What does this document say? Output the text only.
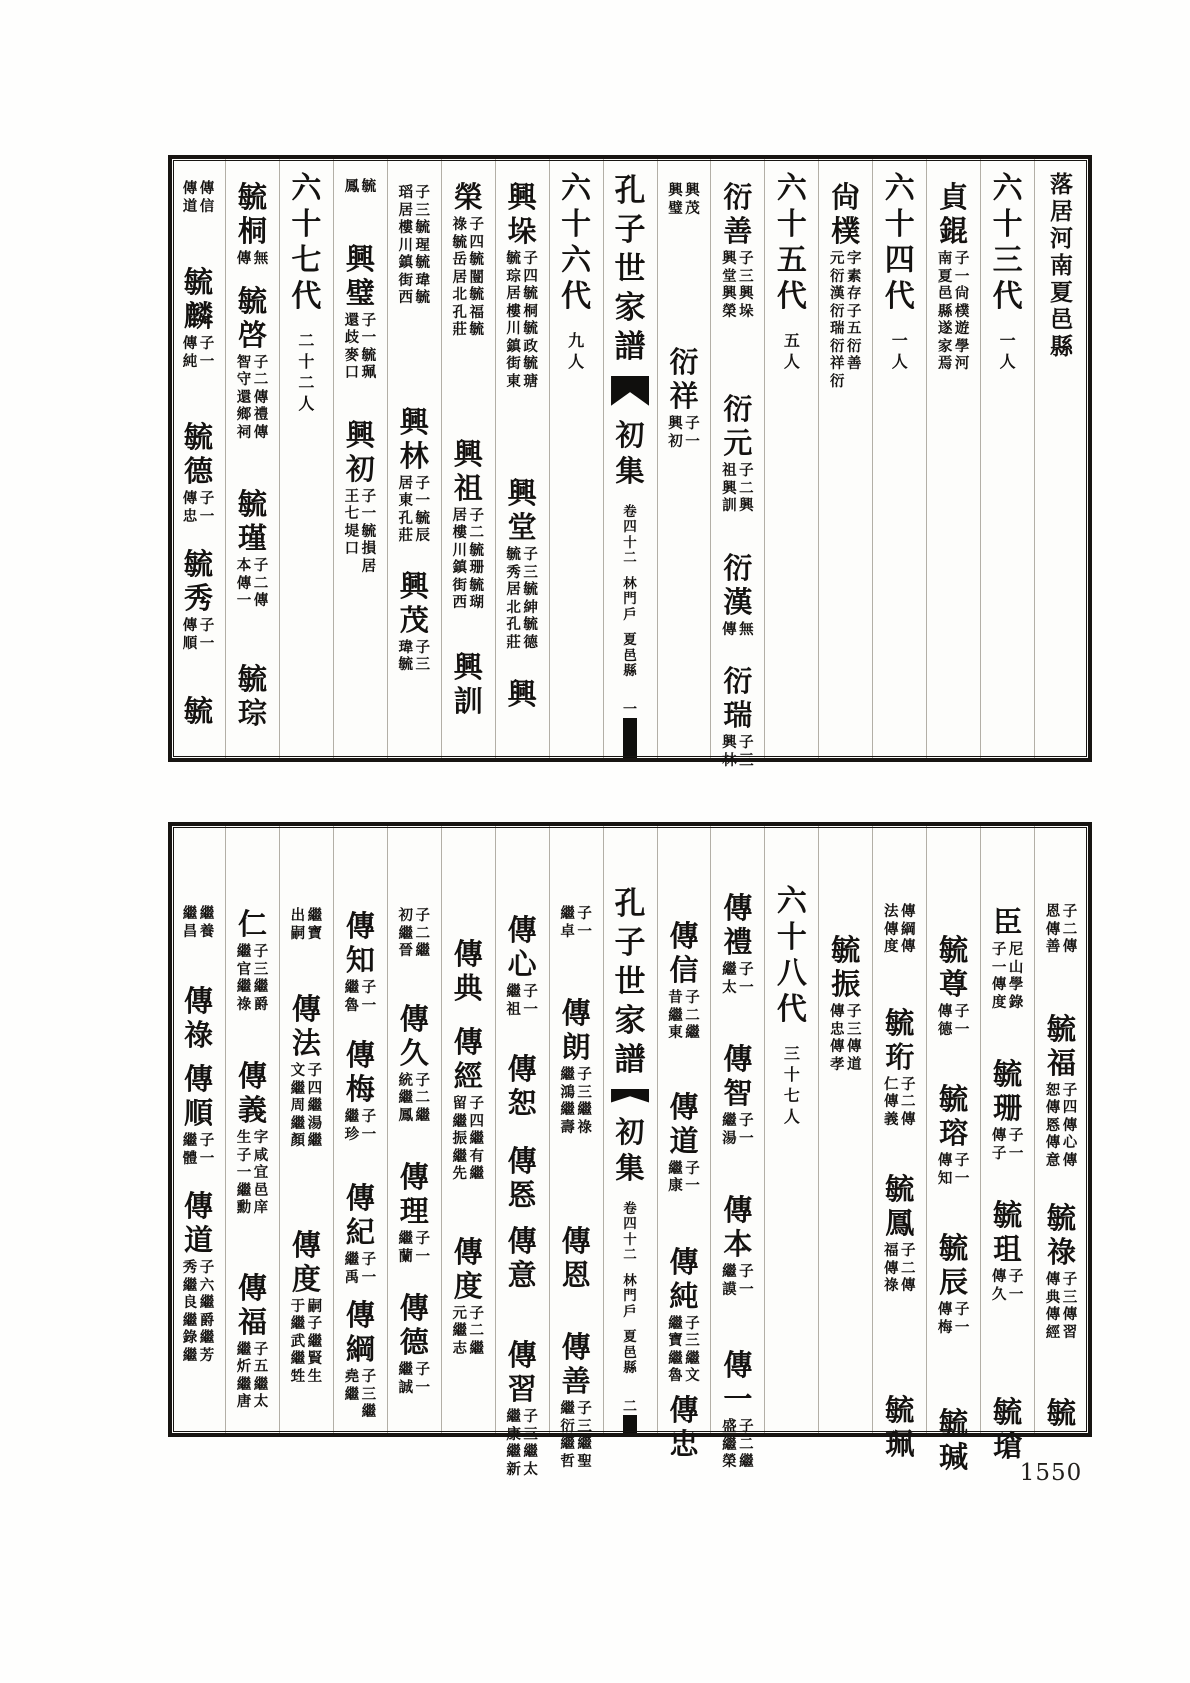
落
居
河
南
夏
邑
縣
六
十
三
代
一
人
貞
錕
子
一
尙
樸
遊
學
河
南
夏
邑
縣
遂
家
焉
六
十
四
代
一
人
尙
樸
字
素
存
子
五
衍
善
元
衍
漢
衍
瑞
衍
祥
衍
六
十
五
代
五
人
衍
善
子
三
興
垛
興
堂
興
榮
衍
元
子
二
興
祖
興
訓
衍
漢
無
傳
衍
瑞
子
三
興
林
興
茂
興
璧
衍
祥
子
一
興
初
孔
子
世
家
譜
初
集
卷
四
十
二
林
門
戶
夏
邑
縣
一
六
十
六
代
九
人
興
垛
子
四
毓
桐
毓
政
毓
瑭
毓
琮
居
樓
川
鎮
街
東
興
堂
子
三
毓
紳
毓
德
毓
秀
居
北
孔
莊
興
榮
子
四
毓
闓
毓
福
毓
祿
毓
岳
居
北
孔
莊
興
祖
子
二
毓
珊
毓
瑚
居
樓
川
鎮
街
西
興
訓
子
三
毓
瑆
毓
瑋
毓
瑫
居
樓
川
鎮
街
西
興
林
子
一
毓
辰
居
東
孔
莊
興
茂
子
三
瑋
毓
毓
鳳
興
璧
子
一
毓
珮
還
歧
麥
口
興
初
子
一
毓
損
居
王
七
堤
口
六
十
七
代
二
十
二
人
毓
桐
無
傳
毓
啓
子
二
傳
禮
傳
智
守
還
鄉
祠
毓
瑾
子
二
傳
本
傳
一
毓
琮
傳
信
傳
道
毓
麟
子
一
傳
純
毓
德
子
一
傳
忠
毓
秀
子
一
傳
順
毓
子
二
傳
恩
傳
善
毓
福
子
四
傳
心
傳
恕
傳
悘
傳
意
毓
祿
子
三
傳
習
傳
典
傳
經
毓
臣
尼
山
學
錄
子
一
傳
度
毓
珊
子
一
傳
子
毓
珇
子
一
傳
久
毓
瑲
毓
尊
子
一
傳
德
毓
瑢
子
一
傳
知
毓
辰
子
一
傳
梅
毓
瑊
傳
綱
傳
法
傳
度
毓
珩
子
二
傳
仁
傳
義
毓
鳳
子
二
傳
福
傳
祿
毓
珮
毓
振
子
三
傳
道
傳
忠
傳
孝
六
十
八
代
三
十
七
人
傳
禮
子
一
繼
太
傳
智
子
一
繼
湯
傳
本
子
一
繼
謨
傳
一
子
二
繼
盛
繼
榮
傳
信
子
二
繼
昔
繼
東
傳
道
子
一
繼
康
傳
純
子
三
繼
文
繼
寶
繼
魯
傳
忠
孔
子
世
家
譜
初
集
卷
四
十
二
林
門
戶
夏
邑
縣
二
子
一
繼
卓
傳
朗
子
三
繼
祿
繼
鴻
繼
壽
傳
恩
傳
善
子
三
繼
聖
繼
衍
繼
哲
傳
心
子
一
繼
祖
傳
恕
傳
悘
傳
意
傳
習
子
三
繼
太
繼
康
繼
新
傳
典
傳
經
子
四
繼
有
繼
留
繼
振
繼
先
傳
度
子
二
繼
元
繼
志
子
二
繼
初
繼
晉
傳
久
子
二
繼
統
繼
鳳
傳
理
子
一
繼
蘭
傳
德
子
一
繼
誠
傳
知
子
一
繼
魯
傳
梅
子
一
繼
珍
傳
紀
子
一
繼
禹
傳
綱
子
三
繼
堯
繼
繼
寶
出
嗣
傳
法
子
四
繼
湯
繼
文
繼
周
繼
顏
傳
度
嗣
子
繼
賢
生
于
繼
武
繼
甡
仁
子
三
繼
爵
繼
官
繼
祿
傳
義
字
咸
宜
邑
庠
生
子
一
繼
勳
傳
福
子
五
繼
太
繼
炘
繼
唐
繼
養
繼
昌
傳
祿
傳
順
子
一
繼
體
傳
道
子
六
繼
爵
繼
芳
秀
繼
良
繼
錄
繼
1550
